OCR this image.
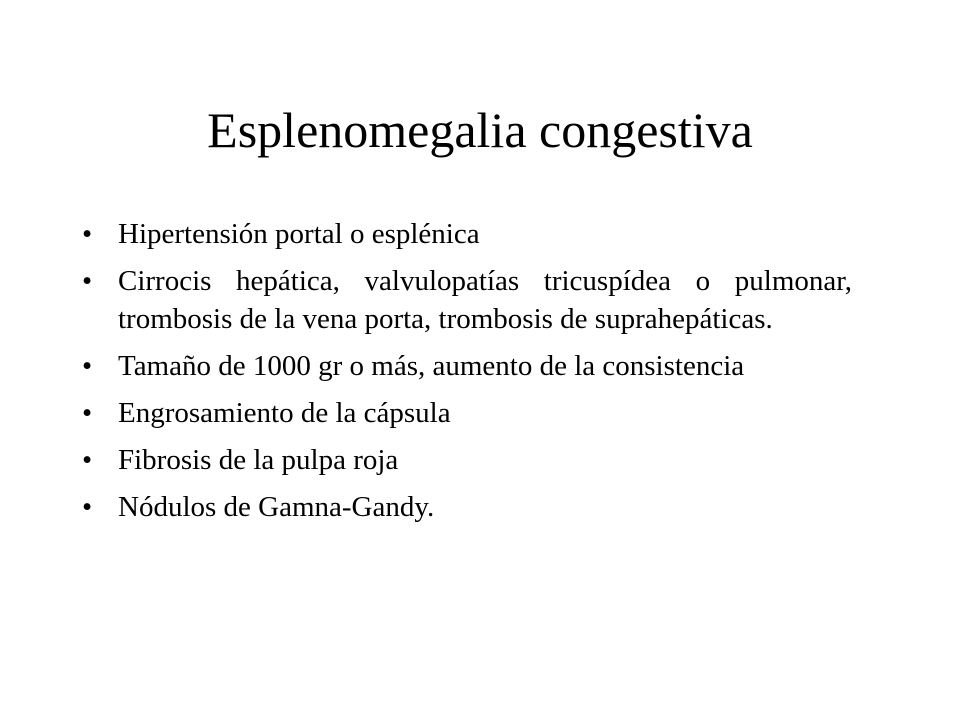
Esplenomegalia congestiva
• Hipertensión portal o esplénica
• Cirrocis hepática, valvulopatías tricuspídea o pulmonar, trombosis de la vena porta, trombosis de suprahepáticas.
• Tamaño de 1000 gr o más, aumento de la consistencia
• Engrosamiento de la cápsula
• Fibrosis de la pulpa roja
• Nódulos de Gamna-Gandy.
